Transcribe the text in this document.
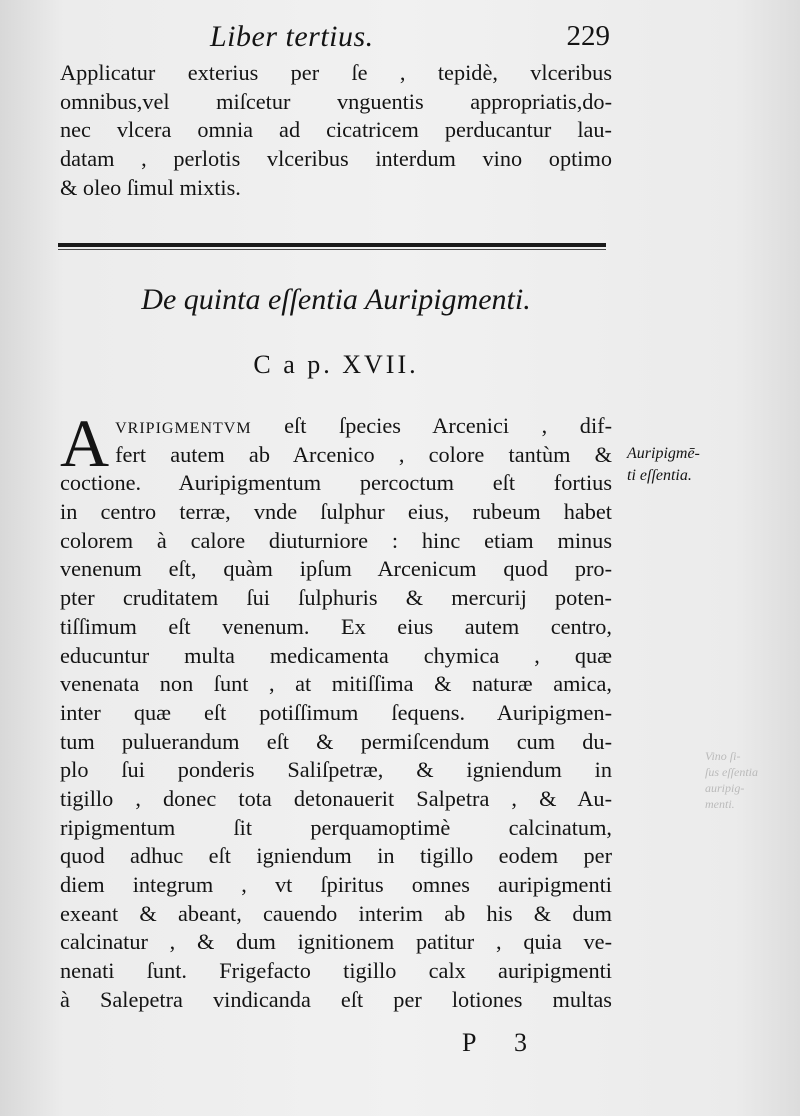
Liber tertius.	229
Applicatur exterius per ſe , tepidè, vlceribus
omnibus,vel miſcetur vnguentis appropriatis,do-
nec vlcera omnia ad cicatricem perducantur lau-
datam , perlotis vlceribus interdum vino optimo
& oleo ſimul mixtis.
De quinta eſſentia Auripigmenti.
C a p. XVII.
A vripigmentvm eſt ſpecies Arcenici , dif-
fert autem ab Arcenico , colore tantùm &
coctione. Auripigmentum percoctum eſt fortius
in centro terræ, vnde ſulphur eius, rubeum habet
colorem à calore diuturniore : hinc etiam minus
venenum eſt, quàm ipſum Arcenicum quod pro-
pter cruditatem ſui ſulphuris & mercurij poten-
tiſſimum eſt venenum. Ex eius autem centro,
educuntur multa medicamenta chymica , quæ
venenata non ſunt , at mitiſſima & naturæ amica,
inter quæ eſt potiſſimum ſequens. Auripigmen-
tum puluerandum eſt & permiſcendum cum du-
plo ſui ponderis Saliſpetræ, & igniendum in
tigillo , donec tota detonauerit Salpetra , & Au-
ripigmentum ſit perquamoptimè calcinatum,
quod adhuc eſt igniendum in tigillo eodem per
diem integrum , vt ſpiritus omnes auripigmenti
exeant & abeant, cauendo interim ab his & dum
calcinatur , & dum ignitionem patitur , quia ve-
nenati ſunt. Frigefacto tigillo calx auripigmenti
à Salepetra vindicanda eſt per lotiones multas
Auripigmē-
ti eſſentia.
Vino ſi-
ſus eſſentia
auripig-
menti.
P 3
